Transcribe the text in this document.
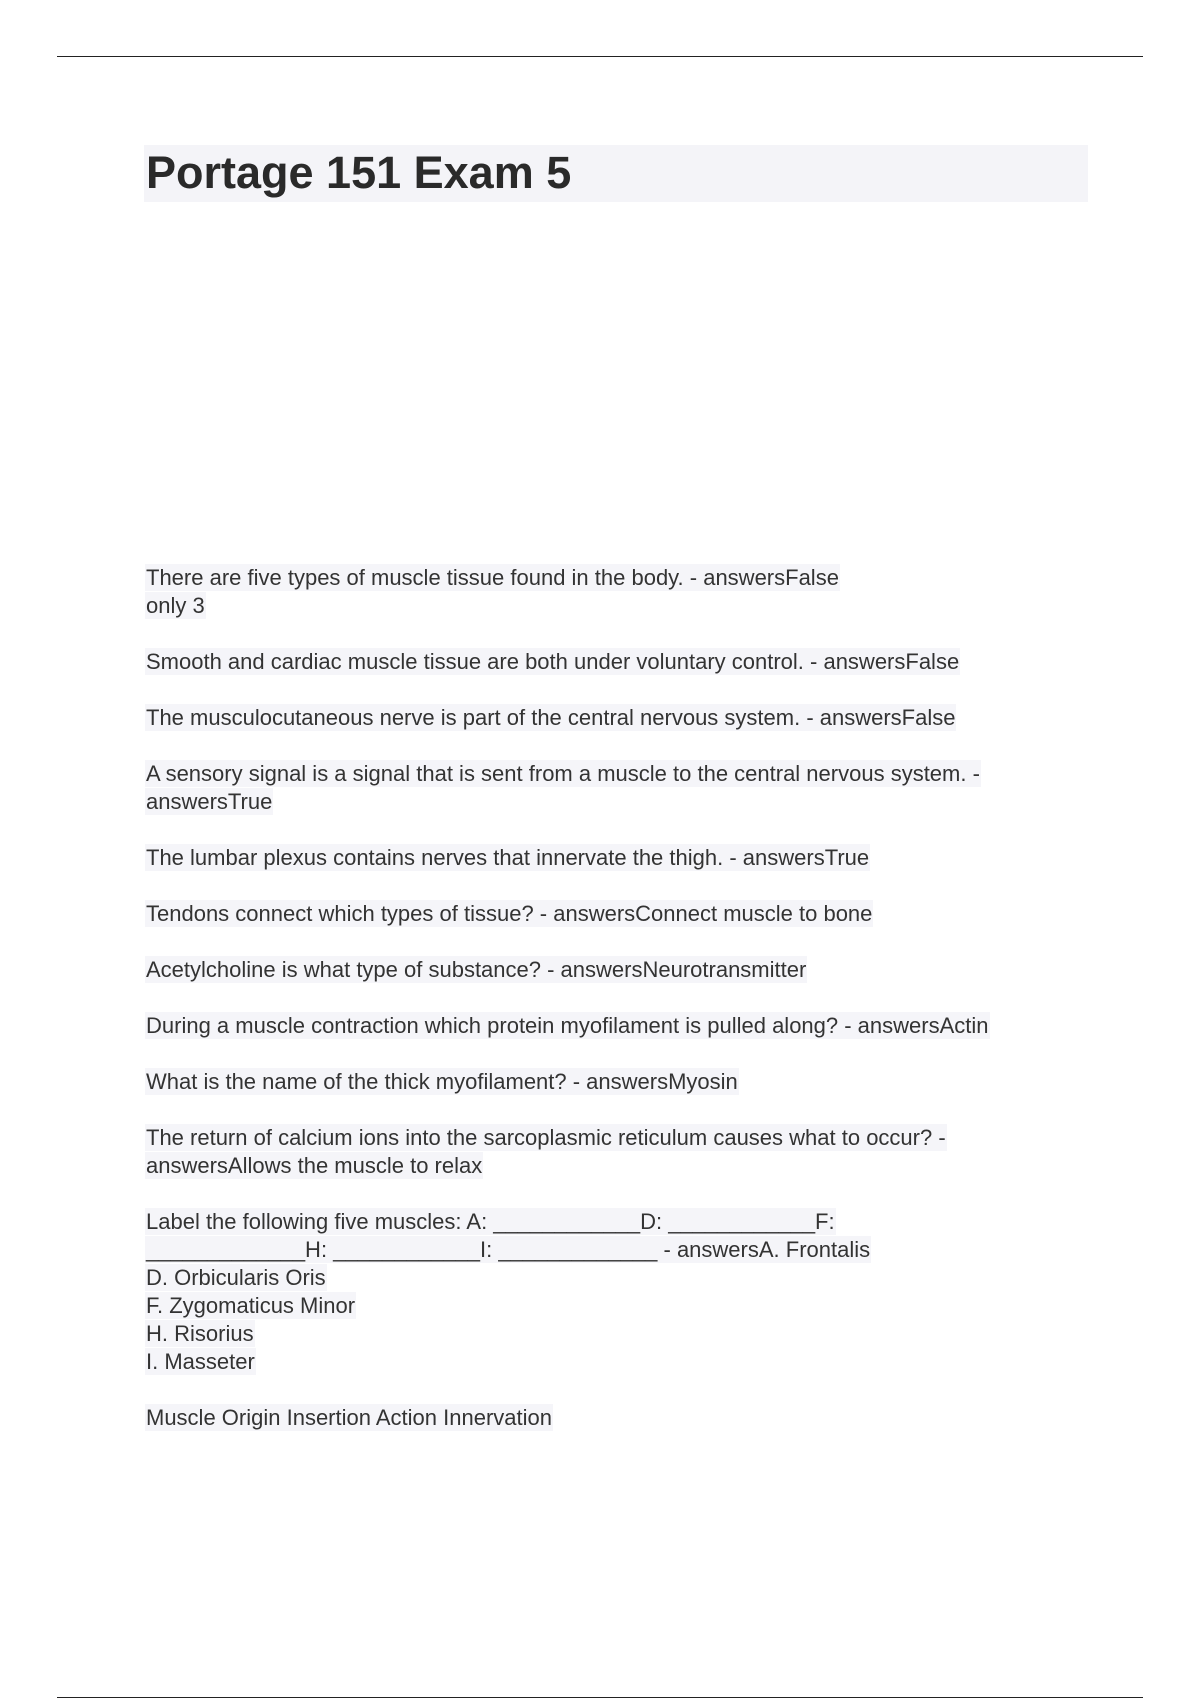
Portage 151 Exam 5
There are five types of muscle tissue found in the body. - answersFalse
only 3
Smooth and cardiac muscle tissue are both under voluntary control. - answersFalse
The musculocutaneous nerve is part of the central nervous system. - answersFalse
A sensory signal is a signal that is sent from a muscle to the central nervous system. -
answersTrue
The lumbar plexus contains nerves that innervate the thigh. - answersTrue
Tendons connect which types of tissue? - answersConnect muscle to bone
Acetylcholine is what type of substance? - answersNeurotransmitter
During a muscle contraction which protein myofilament is pulled along? - answersActin
What is the name of the thick myofilament? - answersMyosin
The return of calcium ions into the sarcoplasmic reticulum causes what to occur? -
answersAllows the muscle to relax
Label the following five muscles: A: ____________D: ____________F:
_____________H: ____________I: _____________ - answersA. Frontalis
D. Orbicularis Oris
F. Zygomaticus Minor
H. Risorius
I. Masseter
Muscle Origin Insertion Action Innervation
